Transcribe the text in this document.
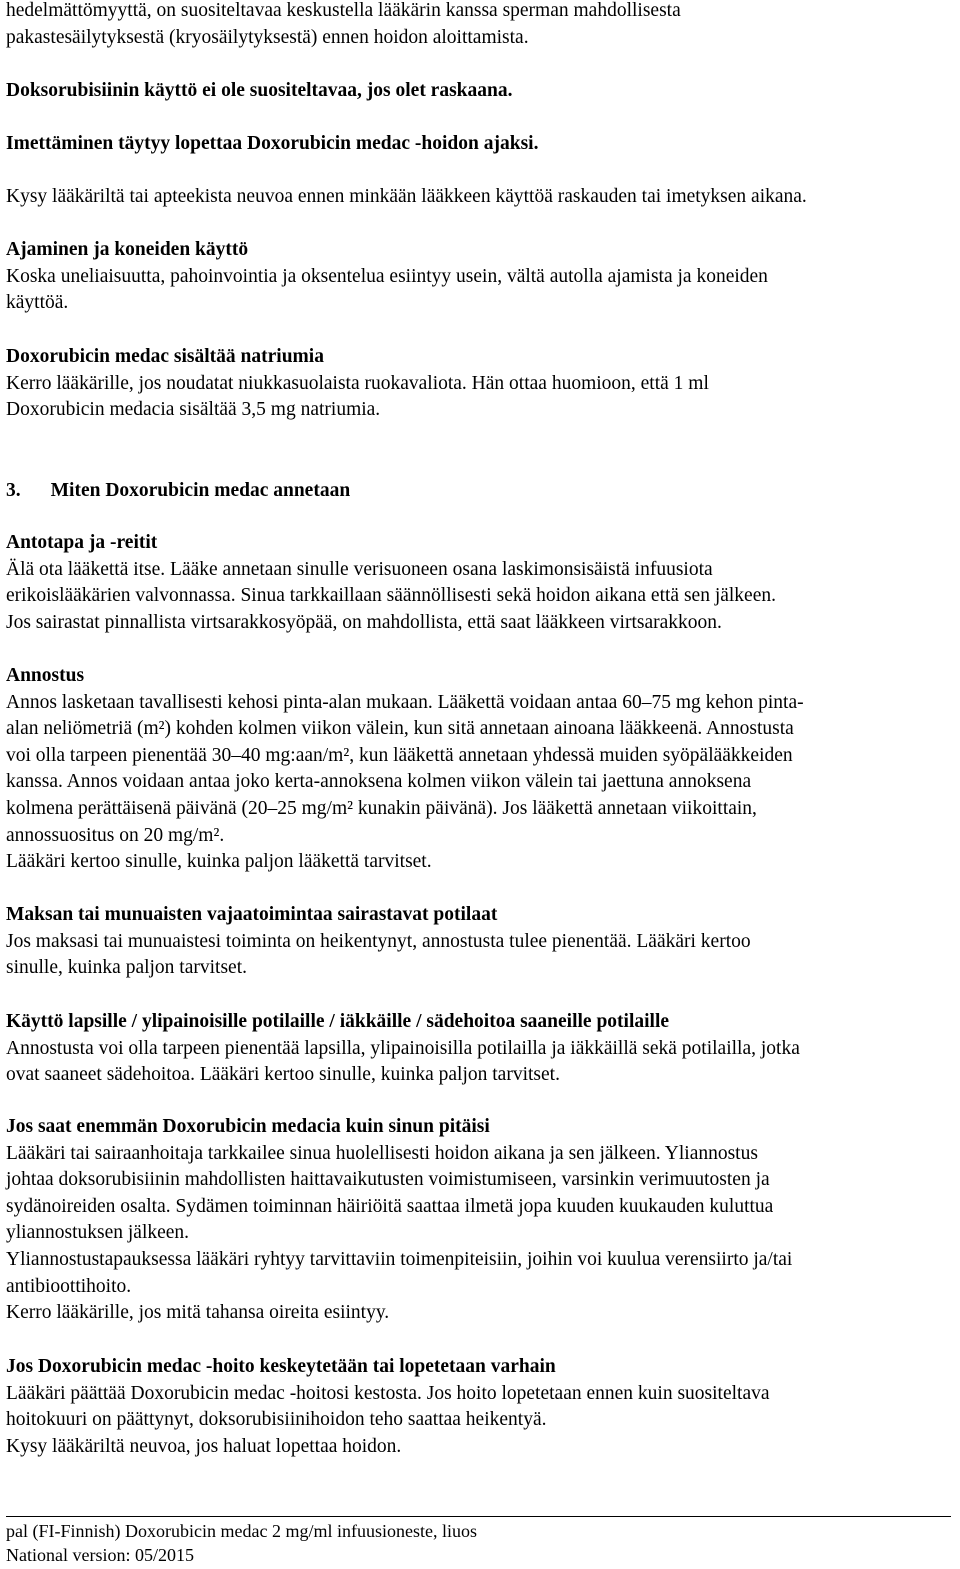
hedelmättömyyttä, on suositeltavaa keskustella lääkärin kanssa sperman mahdollisesta
pakastesäilytyksestä (kryosäilytyksestä) ennen hoidon aloittamista.
Doksorubisiinin käyttö ei ole suositeltavaa, jos olet raskaana.
Imettäminen täytyy lopettaa Doxorubicin medac -hoidon ajaksi.
Kysy lääkäriltä tai apteekista neuvoa ennen minkään lääkkeen käyttöä raskauden tai imetyksen aikana.
Ajaminen ja koneiden käyttö
Koska uneliaisuutta, pahoinvointia ja oksentelua esiintyy usein, vältä autolla ajamista ja koneiden
käyttöä.
Doxorubicin medac sisältää natriumia
Kerro lääkärille, jos noudatat niukkasuolaista ruokavaliota. Hän ottaa huomioon, että 1 ml
Doxorubicin medacia sisältää 3,5 mg natriumia.
3. Miten Doxorubicin medac annetaan
Antotapa ja -reitit
Älä ota lääkettä itse. Lääke annetaan sinulle verisuoneen osana laskimonsisäistä infuusiota
erikoislääkärien valvonnassa. Sinua tarkkaillaan säännöllisesti sekä hoidon aikana että sen jälkeen.
Jos sairastat pinnallista virtsarakkosyöpää, on mahdollista, että saat lääkkeen virtsarakkoon.
Annostus
Annos lasketaan tavallisesti kehosi pinta-alan mukaan. Lääkettä voidaan antaa 60–75 mg kehon pinta-
alan neliömetriä (m²) kohden kolmen viikon välein, kun sitä annetaan ainoana lääkkeenä. Annostusta
voi olla tarpeen pienentää 30–40 mg:aan/m², kun lääkettä annetaan yhdessä muiden syöpälääkkeiden
kanssa. Annos voidaan antaa joko kerta-annoksena kolmen viikon välein tai jaettuna annoksena
kolmena perättäisenä päivänä (20–25 mg/m² kunakin päivänä). Jos lääkettä annetaan viikoittain,
annossuositus on 20 mg/m².
Lääkäri kertoo sinulle, kuinka paljon lääkettä tarvitset.
Maksan tai munuaisten vajaatoimintaa sairastavat potilaat
Jos maksasi tai munuaistesi toiminta on heikentynyt, annostusta tulee pienentää. Lääkäri kertoo
sinulle, kuinka paljon tarvitset.
Käyttö lapsille / ylipainoisille potilaille / iäkkäille / sädehoitoa saaneille potilaille
Annostusta voi olla tarpeen pienentää lapsilla, ylipainoisilla potilailla ja iäkkäillä sekä potilailla, jotka
ovat saaneet sädehoitoa. Lääkäri kertoo sinulle, kuinka paljon tarvitset.
Jos saat enemmän Doxorubicin medacia kuin sinun pitäisi
Lääkäri tai sairaanhoitaja tarkkailee sinua huolellisesti hoidon aikana ja sen jälkeen. Yliannostus
johtaa doksorubisiinin mahdollisten haittavaikutusten voimistumiseen, varsinkin verimuutosten ja
sydänoireiden osalta. Sydämen toiminnan häiriöitä saattaa ilmetä jopa kuuden kuukauden kuluttua
yliannostuksen jälkeen.
Yliannostustapauksessa lääkäri ryhtyy tarvittaviin toimenpiteisiin, joihin voi kuulua verensiirto ja/tai
antibioottihoito.
Kerro lääkärille, jos mitä tahansa oireita esiintyy.
Jos Doxorubicin medac -hoito keskeytetään tai lopetetaan varhain
Lääkäri päättää Doxorubicin medac -hoitosi kestosta. Jos hoito lopetetaan ennen kuin suositeltava
hoitokuuri on päättynyt, doksorubisiinihoidon teho saattaa heikentyä.
Kysy lääkäriltä neuvoa, jos haluat lopettaa hoidon.
pal (FI-Finnish) Doxorubicin medac 2 mg/ml infuusioneste, liuos
National version: 05/2015
